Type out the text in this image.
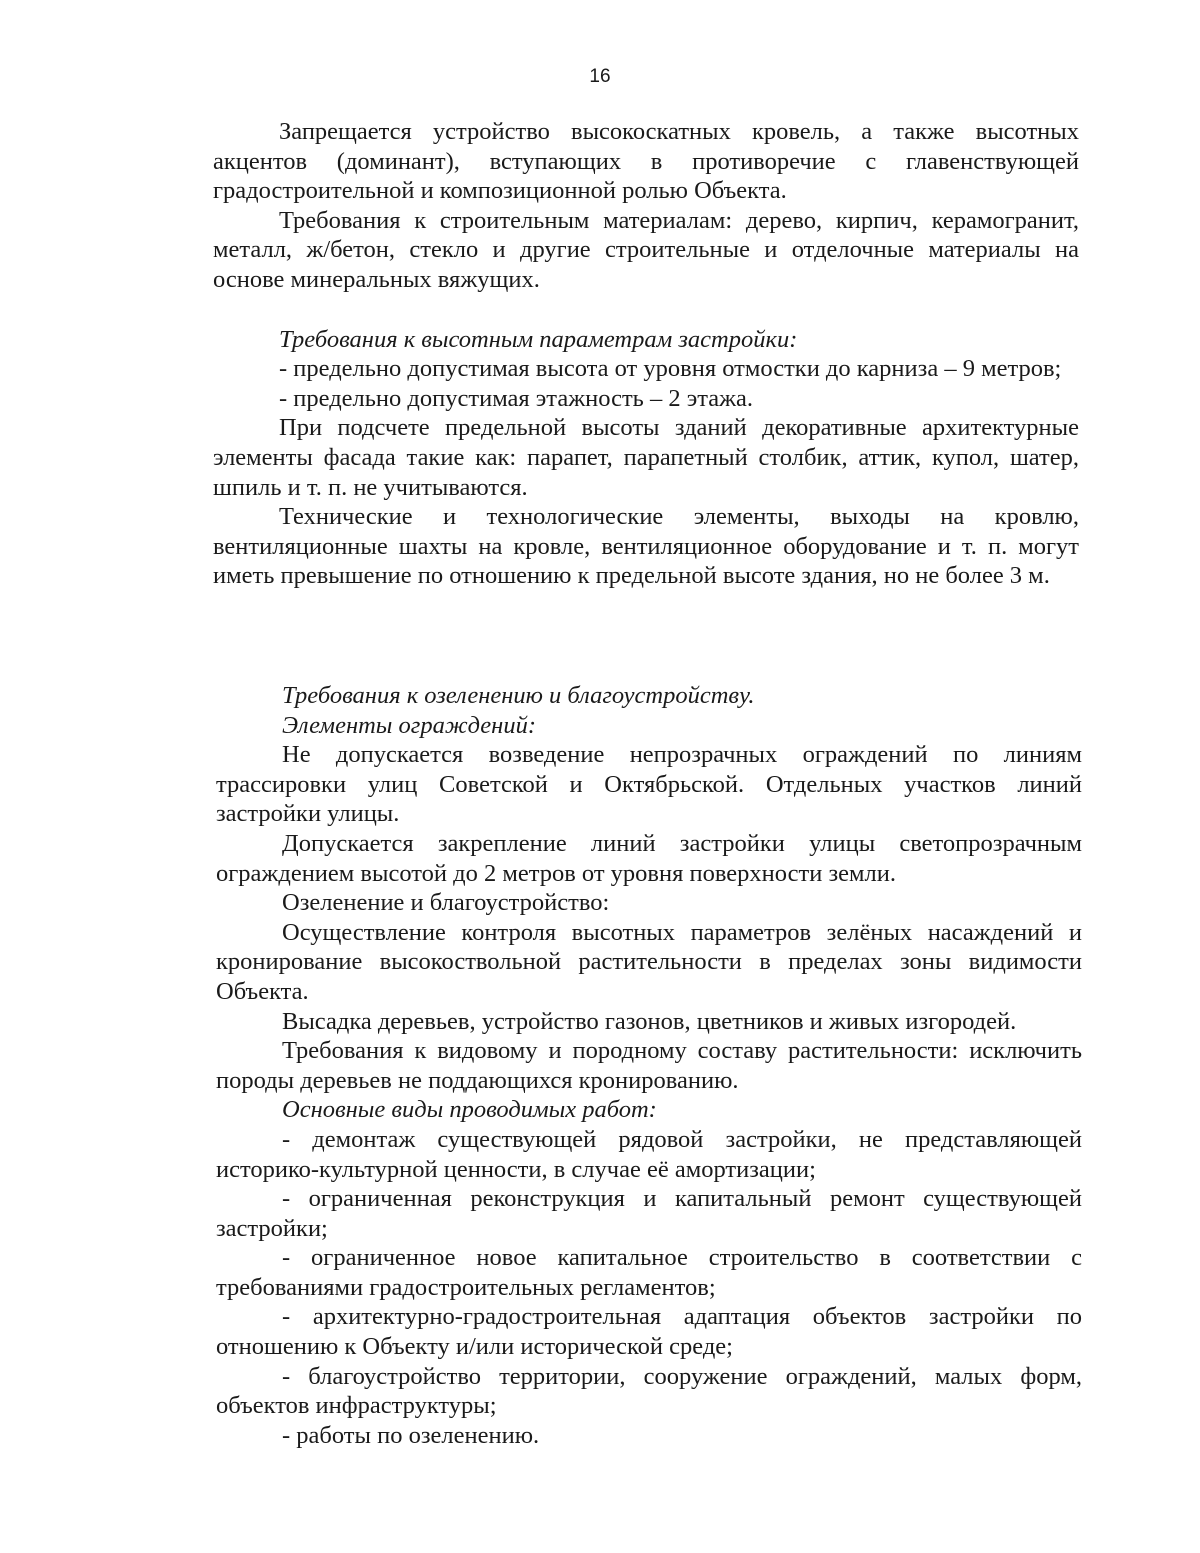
16

Запрещается устройство высокоскатных кровель, а также высотных акцентов (доминант), вступающих в противоречие с главенствующей градостроительной и композиционной ролью Объекта.

Требования к строительным материалам: дерево, кирпич, керамогранит, металл, ж/бетон, стекло и другие строительные и отделочные материалы на основе минеральных вяжущих.

Требования к высотным параметрам застройки:

- предельно допустимая высота от уровня отмостки до карниза – 9 метров;

- предельно допустимая этажность – 2 этажа.

При подсчете предельной высоты зданий декоративные архитектурные элементы фасада такие как: парапет, парапетный столбик, аттик, купол, шатер, шпиль и т. п. не учитываются.

Технические и технологические элементы, выходы на кровлю, вентиляционные шахты на кровле, вентиляционное оборудование и т. п. могут иметь превышение по отношению к предельной высоте здания, но не более 3 м.

Требования к озеленению и благоустройству.

Элементы ограждений:

Не допускается возведение непрозрачных ограждений по линиям трассировки улиц Советской и Октябрьской. Отдельных участков линий застройки улицы.

Допускается закрепление линий застройки улицы светопрозрачным ограждением высотой до 2 метров от уровня поверхности земли.

Озеленение и благоустройство:

Осуществление контроля высотных параметров зелёных насаждений и кронирование высокоствольной растительности в пределах зоны видимости Объекта.

Высадка деревьев, устройство газонов, цветников и живых изгородей.

Требования к видовому и породному составу растительности: исключить породы деревьев не поддающихся кронированию.

Основные виды проводимых работ:

- демонтаж существующей рядовой застройки, не представляющей историко-культурной ценности, в случае её амортизации;

- ограниченная реконструкция и капитальный ремонт существующей застройки;

- ограниченное новое капитальное строительство в соответствии с требованиями градостроительных регламентов;

- архитектурно-градостроительная адаптация объектов застройки по отношению к Объекту и/или исторической среде;

- благоустройство территории, сооружение ограждений, малых форм, объектов инфраструктуры;

- работы по озеленению.
